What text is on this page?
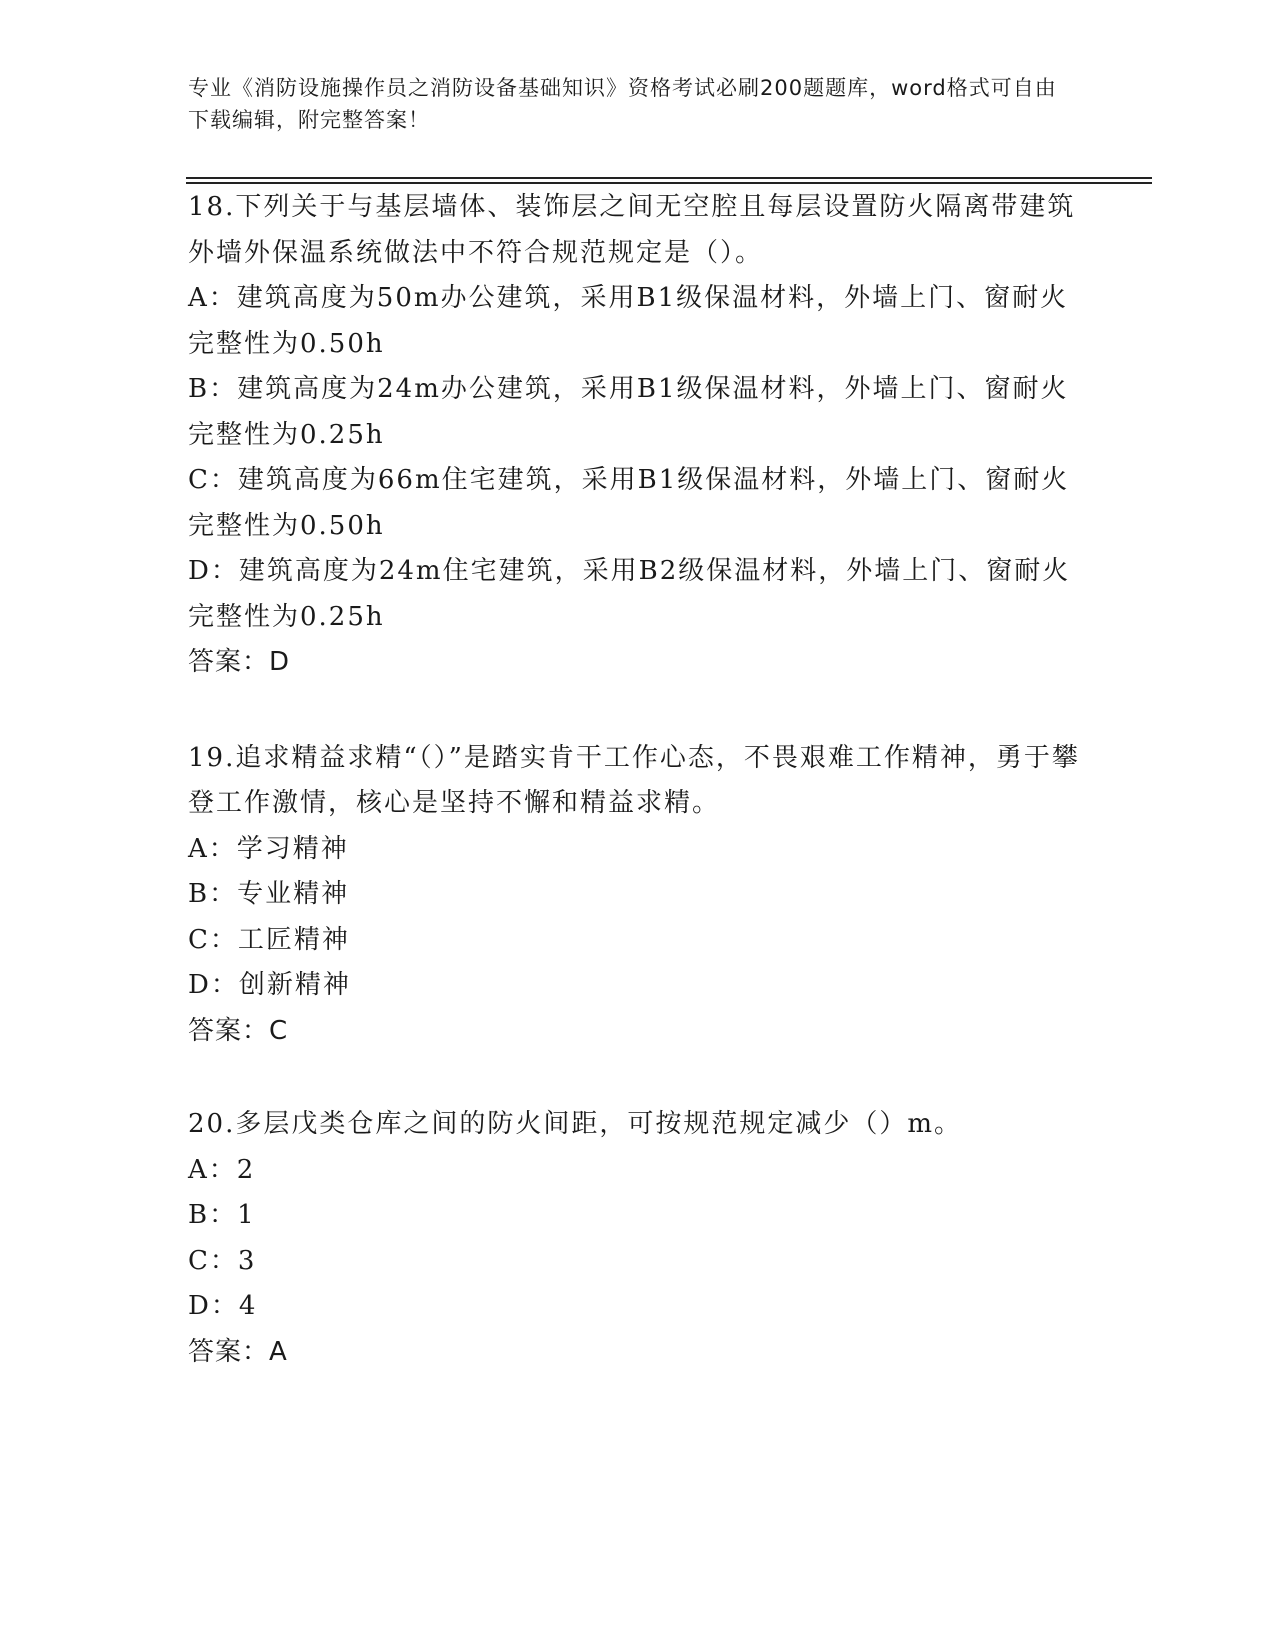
专业《消防设施操作员之消防设备基础知识》资格考试必刷200题题库，word格式可自由下载编辑，附完整答案！

18.下列关于与基层墙体、装饰层之间无空腔且每层设置防火隔离带建筑外墙外保温系统做法中不符合规范规定是（）。

A：建筑高度为50m办公建筑，采用B1级保温材料，外墙上门、窗耐火完整性为0.50h

B：建筑高度为24m办公建筑，采用B1级保温材料，外墙上门、窗耐火完整性为0.25h

C：建筑高度为66m住宅建筑，采用B1级保温材料，外墙上门、窗耐火完整性为0.50h

D：建筑高度为24m住宅建筑，采用B2级保温材料，外墙上门、窗耐火完整性为0.25h

答案：D

19.追求精益求精“（）”是踏实肯干工作心态，不畏艰难工作精神，勇于攀登工作激情，核心是坚持不懈和精益求精。

A：学习精神

B：专业精神

C：工匠精神

D：创新精神

答案：C

20.多层戊类仓库之间的防火间距，可按规范规定减少（）m。

A：2

B：1

C：3

D：4

答案：A
